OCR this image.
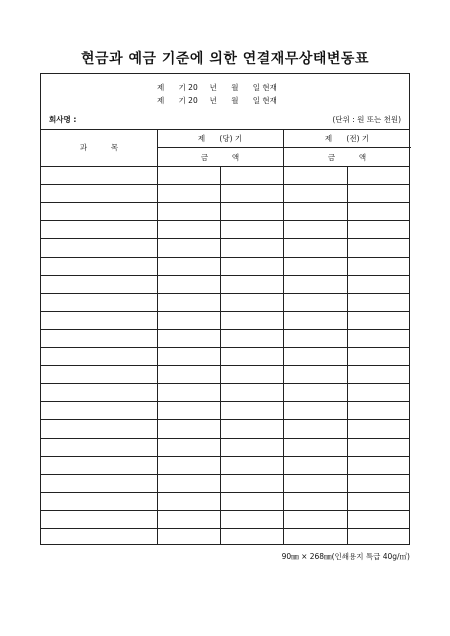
현금과 예금 기준에 의한 연결재무상태변동표
제      기 20     년      월      일 현재
제      기 20     년      월      일 현재
회사명 :	(단위 : 원 또는 천원)
과          목
제      (당) 기	제      (전) 기
금          액	금          액
90㎜ × 268㎜(인쇄용지 특급 40g/㎡)
